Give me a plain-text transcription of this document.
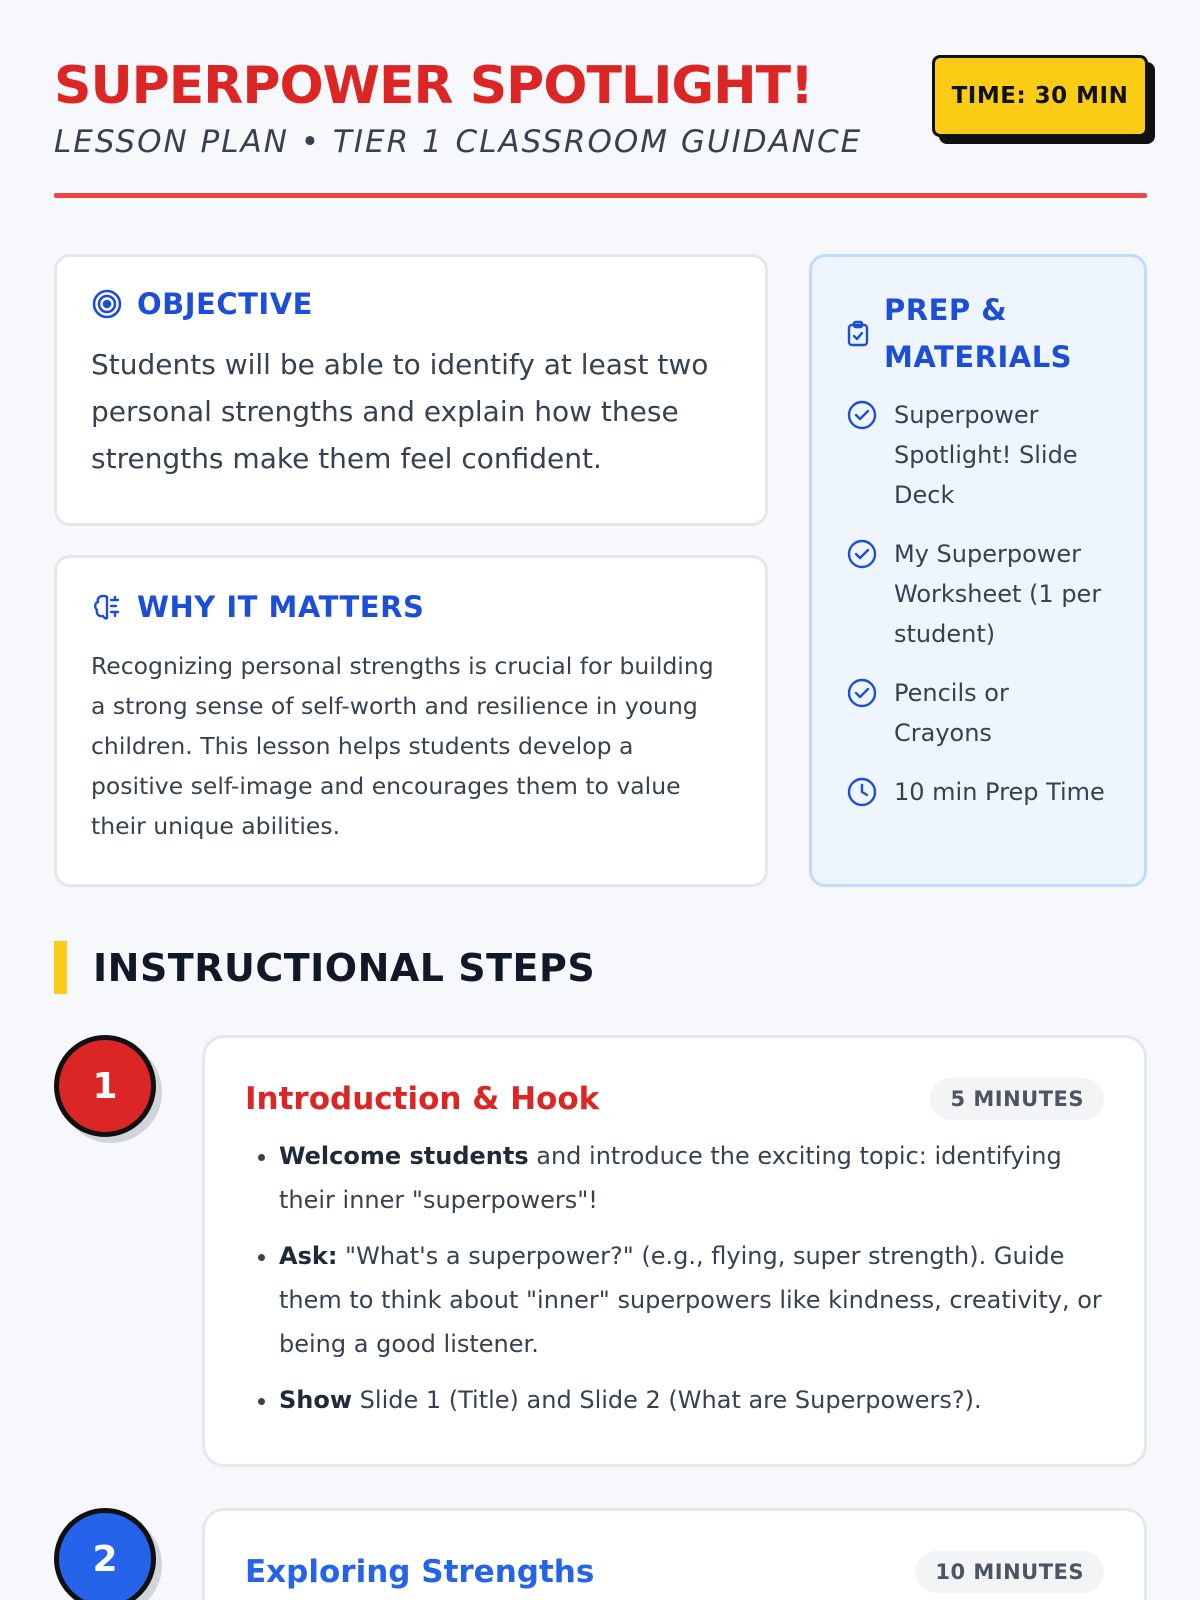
SUPERPOWER SPOTLIGHT!
LESSON PLAN • TIER 1 CLASSROOM GUIDANCE
TIME: 30 MIN
OBJECTIVE

Students will be able to identify at least two personal strengths and explain how these strengths make them feel confident.

WHY IT MATTERS

Recognizing personal strengths is crucial for building a strong sense of self-worth and resilience in young children. This lesson helps students develop a positive self-image and encourages them to value their unique abilities.

PREP & MATERIALS
Superpower Spotlight! Slide Deck
My Superpower Worksheet (1 per student)
Pencils or Crayons
10 min Prep Time
INSTRUCTIONAL STEPS
1	Introduction & Hook	5 MINUTES
• Welcome students and introduce the exciting topic: identifying their inner "superpowers"!
• Ask: "What's a superpower?" (e.g., flying, super strength). Guide them to think about "inner" superpowers like kindness, creativity, or being a good listener.
• Show Slide 1 (Title) and Slide 2 (What are Superpowers?).
2	Exploring Strengths	10 MINUTES
